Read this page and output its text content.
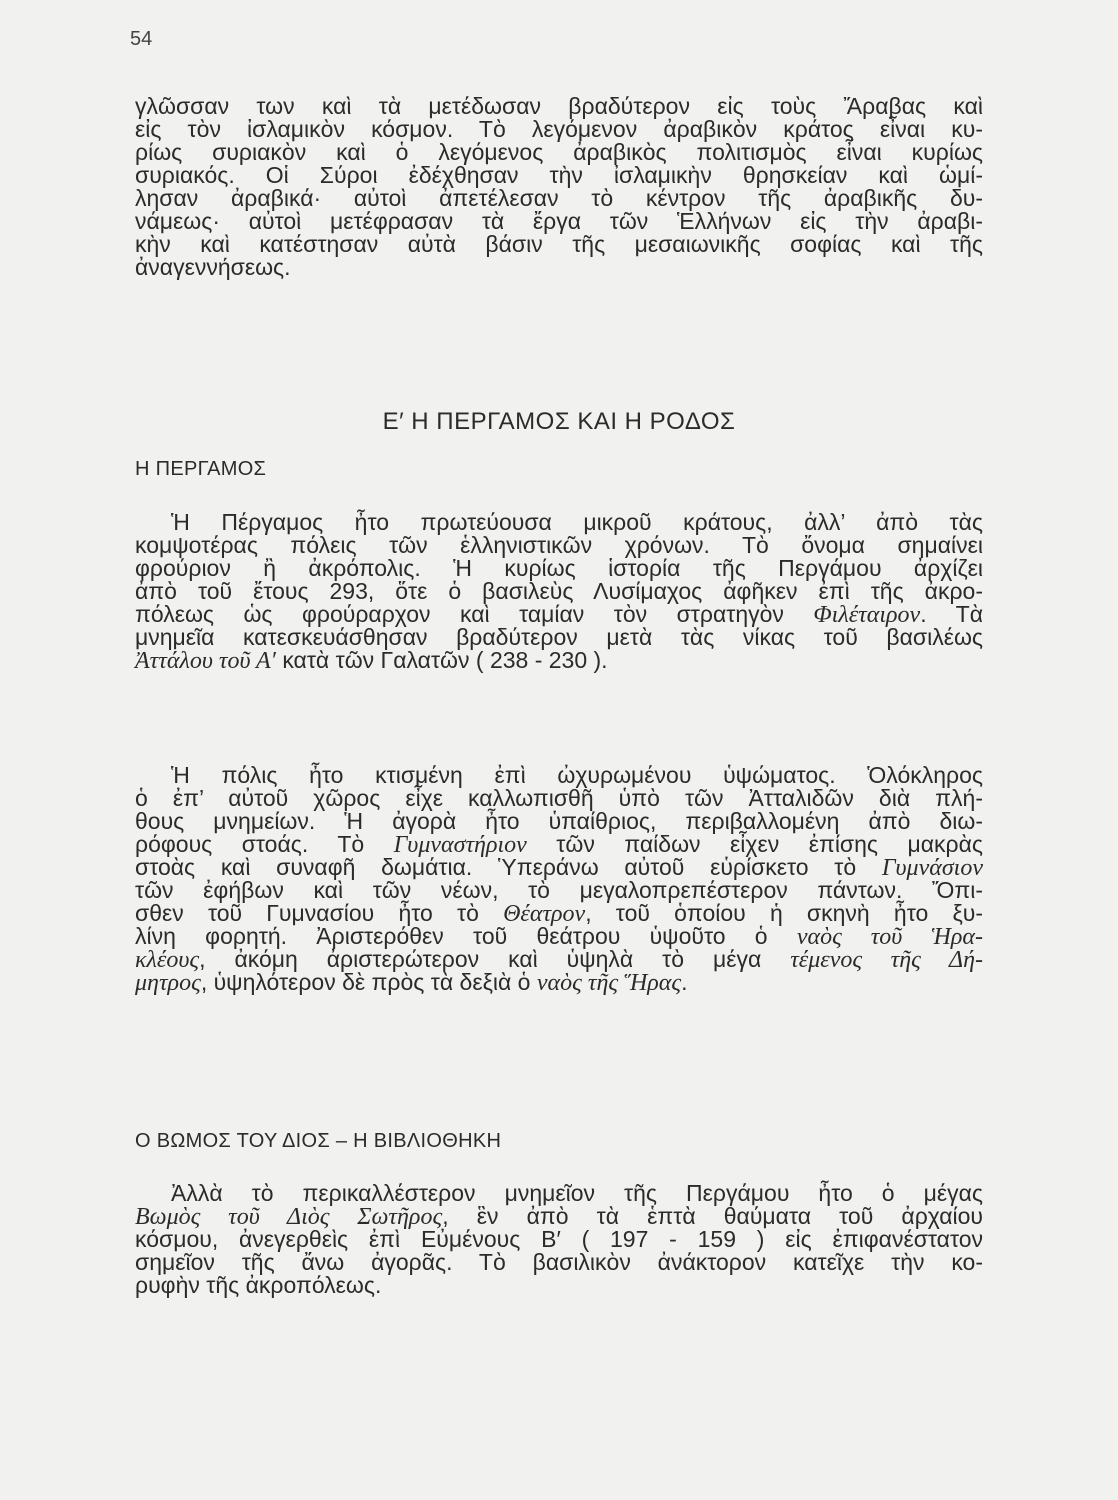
54
γλῶσσαν των καὶ τὰ μετέδωσαν βραδύτερον εἰς τοὺς Ἄραβας καὶ
εἰς τὸν ἰσλαμικὸν κόσμον. Τὸ λεγόμενον ἀραβικὸν κράτος εἶναι κυ-
ρίως συριακὸν καὶ ὁ λεγόμενος ἀραβικὸς πολιτισμὸς εἶναι κυρίως
συριακός. Οἱ Σύροι ἐδέχθησαν τὴν ἰσλαμικὴν θρησκείαν καὶ ὡμί-
λησαν ἀραβικά· αὐτοὶ ἀπετέλεσαν τὸ κέντρον τῆς ἀραβικῆς δυ-
νάμεως· αὐτοὶ μετέφρασαν τὰ ἔργα τῶν Ἑλλήνων εἰς τὴν ἀραβι-
κὴν καὶ κατέστησαν αὐτὰ βάσιν τῆς μεσαιωνικῆς σοφίας καὶ τῆς
ἀναγεννήσεως.
Ε′ Η ΠΕΡΓΑΜΟΣ ΚΑΙ Η ΡΟΔΟΣ
Η ΠΕΡΓΑΜΟΣ
Ἡ Πέργαμος ἦτο πρωτεύουσα μικροῦ κράτους, ἀλλ’ ἀπὸ τὰς
κομψοτέρας πόλεις τῶν ἑλληνιστικῶν χρόνων. Τὸ ὄνομα σημαίνει
φρούριον ἢ ἀκρόπολις. Ἡ κυρίως ἱστορία τῆς Περγάμου ἀρχίζει
ἀπὸ τοῦ ἔτους 293, ὅτε ὁ βασιλεὺς Λυσίμαχος ἀφῆκεν ἐπὶ τῆς ἀκρο-
πόλεως ὡς φρούραρχον καὶ ταμίαν τὸν στρατηγὸν Φιλέταιρον. Τὰ
μνημεῖα κατεσκευάσθησαν βραδύτερον μετὰ τὰς νίκας τοῦ βασιλέως
Ἀττάλου τοῦ Α′ κατὰ τῶν Γαλατῶν ( 238 - 230 ).
Ἡ πόλις ἦτο κτισμένη ἐπὶ ὠχυρωμένου ὑψώματος. Ὁλόκληρος
ὁ ἐπ’ αὐτοῦ χῶρος εἶχε καλλωπισθῆ ὑπὸ τῶν Ἀτταλιδῶν διὰ πλή-
θους μνημείων. Ἡ ἀγορὰ ἦτο ὑπαίθριος, περιβαλλομένη ἀπὸ διω-
ρόφους στοάς. Τὸ Γυμναστήριον τῶν παίδων εἶχεν ἐπίσης μακρὰς
στοὰς καὶ συναφῆ δωμάτια. Ὑπεράνω αὐτοῦ εὑρίσκετο τὸ Γυμνάσιον
τῶν ἐφήβων καὶ τῶν νέων, τὸ μεγαλοπρεπέστερον πάντων. Ὄπι-
σθεν τοῦ Γυμνασίου ἦτο τὸ Θέατρον, τοῦ ὁποίου ἡ σκηνὴ ἦτο ξυ-
λίνη φορητή. Ἀριστερόθεν τοῦ θεάτρου ὑψοῦτο ὁ ναὸς τοῦ Ἡρα-
κλέους, ἀκόμη ἀριστερώτερον καὶ ὑψηλὰ τὸ μέγα τέμενος τῆς Δή-
μητρος, ὑψηλότερον δὲ πρὸς τὰ δεξιὰ ὁ ναὸς τῆς Ἥρας.
Ο ΒΩΜΟΣ ΤΟΥ ΔΙΟΣ – Η ΒΙΒΛΙΟΘΗΚΗ
Ἀλλὰ τὸ περικαλλέστερον μνημεῖον τῆς Περγάμου ἦτο ὁ μέγας
Βωμὸς τοῦ Διὸς Σωτῆρος, ἓν ἀπὸ τὰ ἑπτὰ θαύματα τοῦ ἀρχαίου
κόσμου, ἀνεγερθεὶς ἐπὶ Εὐμένους Β′ ( 197 - 159 ) εἰς ἐπιφανέστατον
σημεῖον τῆς ἄνω ἀγορᾶς. Τὸ βασιλικὸν ἀνάκτορον κατεῖχε τὴν κο-
ρυφὴν τῆς ἀκροπόλεως.
